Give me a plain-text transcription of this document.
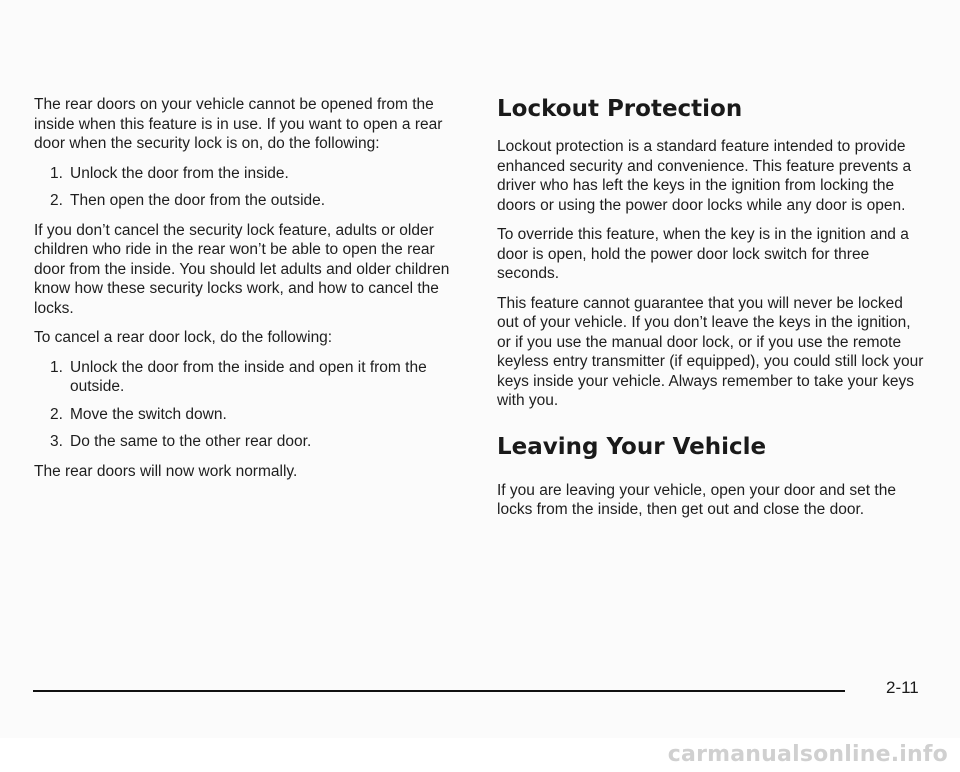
The rear doors on your vehicle cannot be opened from the inside when this feature is in use. If you want to open a rear door when the security lock is on, do the following:

1. Unlock the door from the inside.
2. Then open the door from the outside.

If you don’t cancel the security lock feature, adults or older children who ride in the rear won’t be able to open the rear door from the inside. You should let adults and older children know how these security locks work, and how to cancel the locks.

To cancel a rear door lock, do the following:

1. Unlock the door from the inside and open it from the outside.
2. Move the switch down.
3. Do the same to the other rear door.

The rear doors will now work normally.

Lockout Protection

Lockout protection is a standard feature intended to provide enhanced security and convenience. This feature prevents a driver who has left the keys in the ignition from locking the doors or using the power door locks while any door is open.

To override this feature, when the key is in the ignition and a door is open, hold the power door lock switch for three seconds.

This feature cannot guarantee that you will never be locked out of your vehicle. If you don’t leave the keys in the ignition, or if you use the manual door lock, or if you use the remote keyless entry transmitter (if equipped), you could still lock your keys inside your vehicle. Always remember to take your keys with you.

Leaving Your Vehicle

If you are leaving your vehicle, open your door and set the locks from the inside, then get out and close the door.

2-11
carmanualsonline.info
